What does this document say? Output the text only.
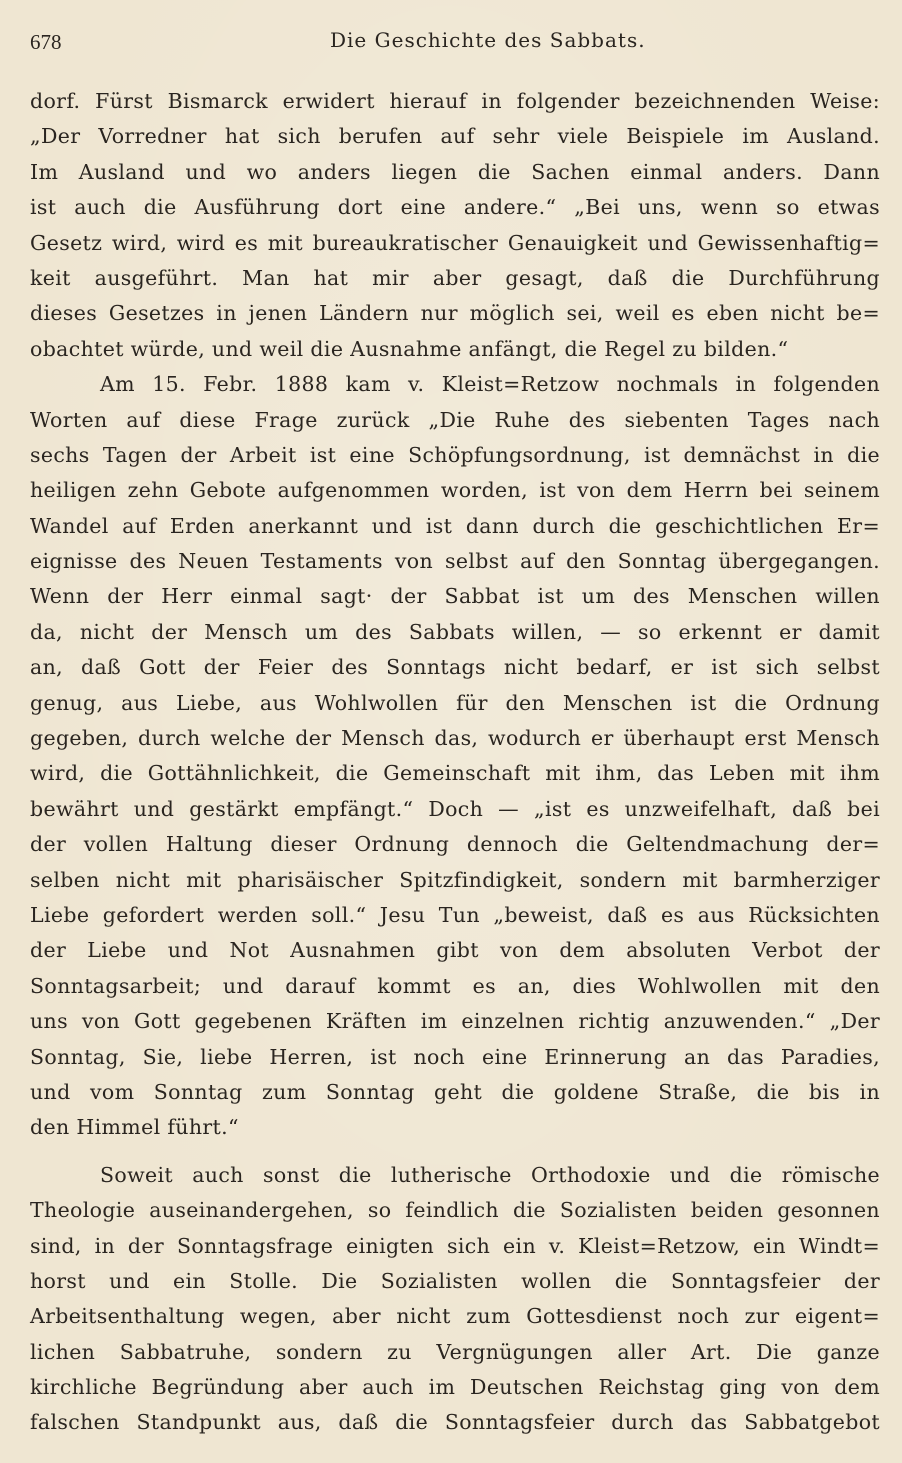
678	Die Geschichte des Sabbats.
dorf. Fürst Bismarck erwidert hierauf in folgender bezeichnenden Weise:
„Der Vorredner hat sich berufen auf sehr viele Beispiele im Ausland.
Im Ausland und wo anders liegen die Sachen einmal anders. Dann
ist auch die Ausführung dort eine andere.“ „Bei uns, wenn so etwas
Gesetz wird, wird es mit bureaukratischer Genauigkeit und Gewissenhaftig=
keit ausgeführt. Man hat mir aber gesagt, daß die Durchführung
dieses Gesetzes in jenen Ländern nur möglich sei, weil es eben nicht be=
obachtet würde, und weil die Ausnahme anfängt, die Regel zu bilden.“
Am 15. Febr. 1888 kam v. Kleist=Retzow nochmals in folgenden
Worten auf diese Frage zurück „Die Ruhe des siebenten Tages nach
sechs Tagen der Arbeit ist eine Schöpfungsordnung, ist demnächst in die
heiligen zehn Gebote aufgenommen worden, ist von dem Herrn bei seinem
Wandel auf Erden anerkannt und ist dann durch die geschichtlichen Er=
eignisse des Neuen Testaments von selbst auf den Sonntag übergegangen.
Wenn der Herr einmal sagt· der Sabbat ist um des Menschen willen
da, nicht der Mensch um des Sabbats willen, — so erkennt er damit
an, daß Gott der Feier des Sonntags nicht bedarf, er ist sich selbst
genug, aus Liebe, aus Wohlwollen für den Menschen ist die Ordnung
gegeben, durch welche der Mensch das, wodurch er überhaupt erst Mensch
wird, die Gottähnlichkeit, die Gemeinschaft mit ihm, das Leben mit ihm
bewährt und gestärkt empfängt.“ Doch — „ist es unzweifelhaft, daß bei
der vollen Haltung dieser Ordnung dennoch die Geltendmachung der=
selben nicht mit pharisäischer Spitzfindigkeit, sondern mit barmherziger
Liebe gefordert werden soll.“ Jesu Tun „beweist, daß es aus Rücksichten
der Liebe und Not Ausnahmen gibt von dem absoluten Verbot der
Sonntagsarbeit; und darauf kommt es an, dies Wohlwollen mit den
uns von Gott gegebenen Kräften im einzelnen richtig anzuwenden.“ „Der
Sonntag, Sie, liebe Herren, ist noch eine Erinnerung an das Paradies,
und vom Sonntag zum Sonntag geht die goldene Straße, die bis in
den Himmel führt.“
Soweit auch sonst die lutherische Orthodoxie und die römische
Theologie auseinandergehen, so feindlich die Sozialisten beiden gesonnen
sind, in der Sonntagsfrage einigten sich ein v. Kleist=Retzow, ein Windt=
horst und ein Stolle. Die Sozialisten wollen die Sonntagsfeier der
Arbeitsenthaltung wegen, aber nicht zum Gottesdienst noch zur eigent=
lichen Sabbatruhe, sondern zu Vergnügungen aller Art. Die ganze
kirchliche Begründung aber auch im Deutschen Reichstag ging von dem
falschen Standpunkt aus, daß die Sonntagsfeier durch das Sabbatgebot
